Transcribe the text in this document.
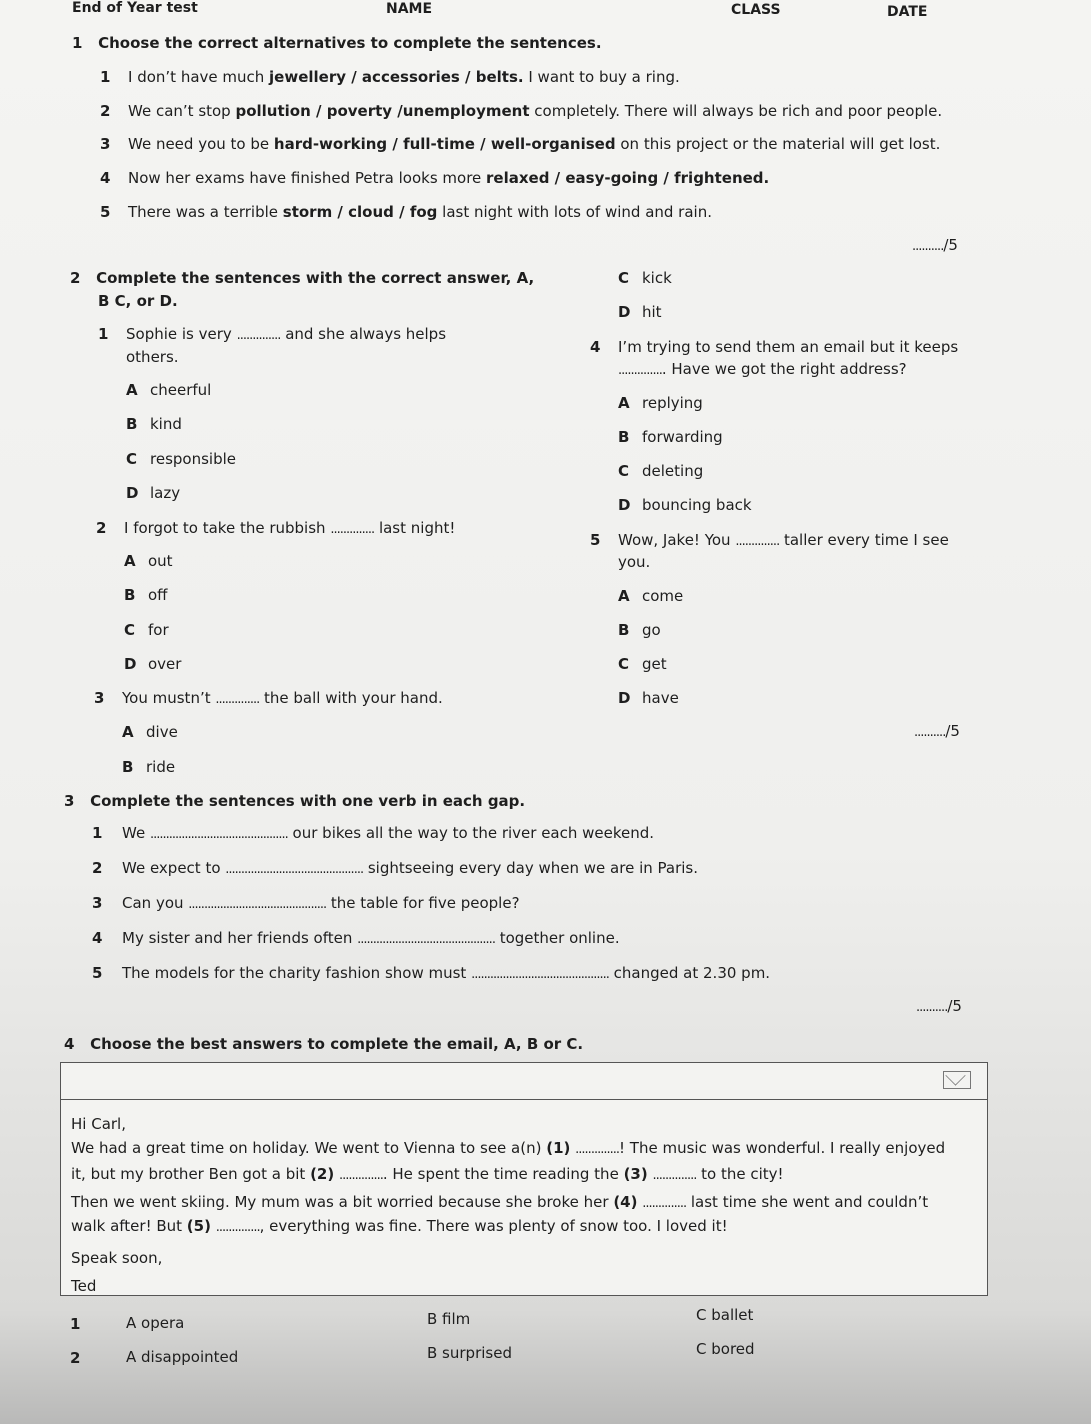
End of Year test	NAME	CLASS	DATE
1 Choose the correct alternatives to complete the sentences.
1 I don’t have much jewellery / accessories / belts. I want to buy a ring.
2 We can’t stop pollution / poverty /unemployment completely. There will always be rich and poor people.
3 We need you to be hard-working / full-time / well-organised on this project or the material will get lost.
4 Now her exams have finished Petra looks more relaxed / easy-going / frightened.
5 There was a terrible storm / cloud / fog last night with lots of wind and rain.
........../5
2 Complete the sentences with the correct answer, A,
B C, or D.
1 Sophie is very .............. and she always helps
others.
A cheerful
B kind
C responsible
D lazy
2 I forgot to take the rubbish .............. last night!
A out
B off
C for
D over
3 You mustn’t .............. the ball with your hand.
A dive
B ride
C kick
D hit
4 I’m trying to send them an email but it keeps
............... Have we got the right address?
A replying
B forwarding
C deleting
D bouncing back
5 Wow, Jake! You .............. taller every time I see
you.
A come
B go
C get
D have
........../5
3 Complete the sentences with one verb in each gap.
1 We ............................................ our bikes all the way to the river each weekend.
2 We expect to ............................................ sightseeing every day when we are in Paris.
3 Can you ............................................ the table for five people?
4 My sister and her friends often ............................................ together online.
5 The models for the charity fashion show must ............................................ changed at 2.30 pm.
........../5
4 Choose the best answers to complete the email, A, B or C.
Hi Carl,
We had a great time on holiday. We went to Vienna to see a(n) (1) ..............! The music was wonderful. I really enjoyed
it, but my brother Ben got a bit (2) ............... He spent the time reading the (3) .............. to the city!
Then we went skiing. My mum was a bit worried because she broke her (4) .............. last time she went and couldn’t
walk after! But (5) .............., everything was fine. There was plenty of snow too. I loved it!
Speak soon,
Ted
1	A opera	B film	C ballet
2	A disappointed	B surprised	C bored
